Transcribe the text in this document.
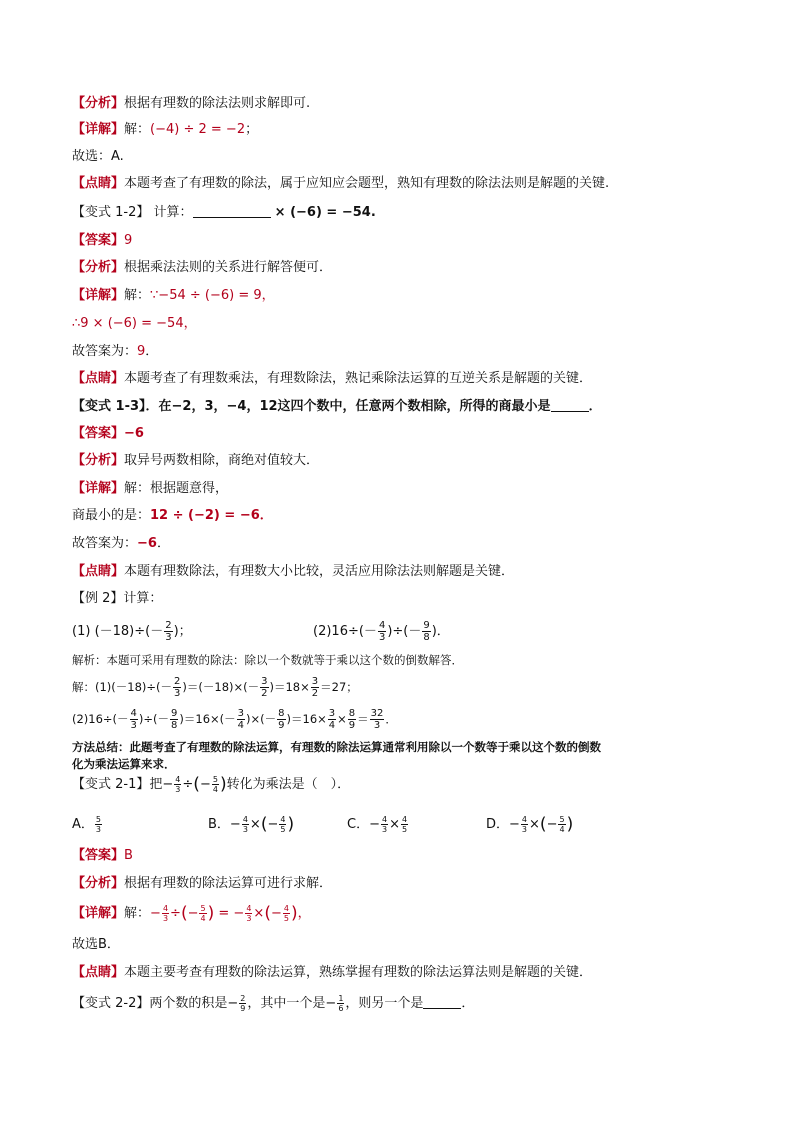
【分析】根据有理数的除法法则求解即可.
【详解】解：(−4) ÷ 2 = −2；
故选：A.
【点睛】本题考查了有理数的除法，属于应知应会题型，熟知有理数的除法法则是解题的关键.
【变式 1-2】 计算：	× (−6) = −54.
【答案】9
【分析】根据乘法法则的关系进行解答便可．
【详解】解：∵−54 ÷ (−6) = 9，
∴9 × (−6) = −54，
故答案为：9．
【点睛】本题考查了有理数乘法，有理数除法，熟记乘除法运算的互逆关系是解题的关键．
【变式 1-3】．在−2，3，−4，12这四个数中，任意两个数相除，所得的商最小是	．
【答案】−6
【分析】取异号两数相除，商绝对值较大．
【详解】解：根据题意得，
商最小的是：12 ÷ (−2) = −6．
故答案为：−6．
【点睛】本题有理数除法，有理数大小比较，灵活应用除法法则解题是关键．
【例 2】计算：
(1) $(-18)\div(- \frac{2}{3}$ )；	$(2)16\div(- \frac{4}{3}$ )÷(－ $\frac{9}{8}$ )．
解析：本题可采用有理数的除法：除以一个数就等于乘以这个数的倒数解答．
解：$(1)(-18)\div(- \frac{2}{3} )=(-18)\times(- \frac{3}{2} )=18\times \frac{3}{2} =27$；
$(2)16\div(- \frac{4}{3}$ )÷(－ $\frac{9}{8} )=16\times(- \frac{3}{4}$ )×(－ $\frac{8}{9} )=16\times \frac{3}{4} \times \frac{8}{9} = \frac{32}{3}$ ．
方法总结：此题考查了有理数的除法运算，有理数的除法运算通常利用除以一个数等于乘以这个数的倒数
化为乘法运算来求．
【变式 2-1】把− $\frac{4}{3}$ ÷(− $\frac{5}{4}$ )转化为乘法是（　）．
A． $\frac{5}{3}$	B．− $\frac{4}{3}$ ×(− $\frac{4}{5}$ )	C．− $\frac{4}{3} \times \frac{4}{5}$	D．− $\frac{4}{3}$ ×(− $\frac{5}{4}$ )
【答案】B
【分析】根据有理数的除法运算可进行求解．
【详解】解：− $\frac{4}{3}$ ÷(− $\frac{5}{4}$ ) = − $\frac{4}{3}$ ×(− $\frac{4}{5}$ )，
故选B．
【点睛】本题主要考查有理数的除法运算，熟练掌握有理数的除法运算法则是解题的关键．
【变式 2-2】两个数的积是− $\frac{2}{9}$ ，其中一个是− $\frac{1}{6}$ ，则另一个是	．
